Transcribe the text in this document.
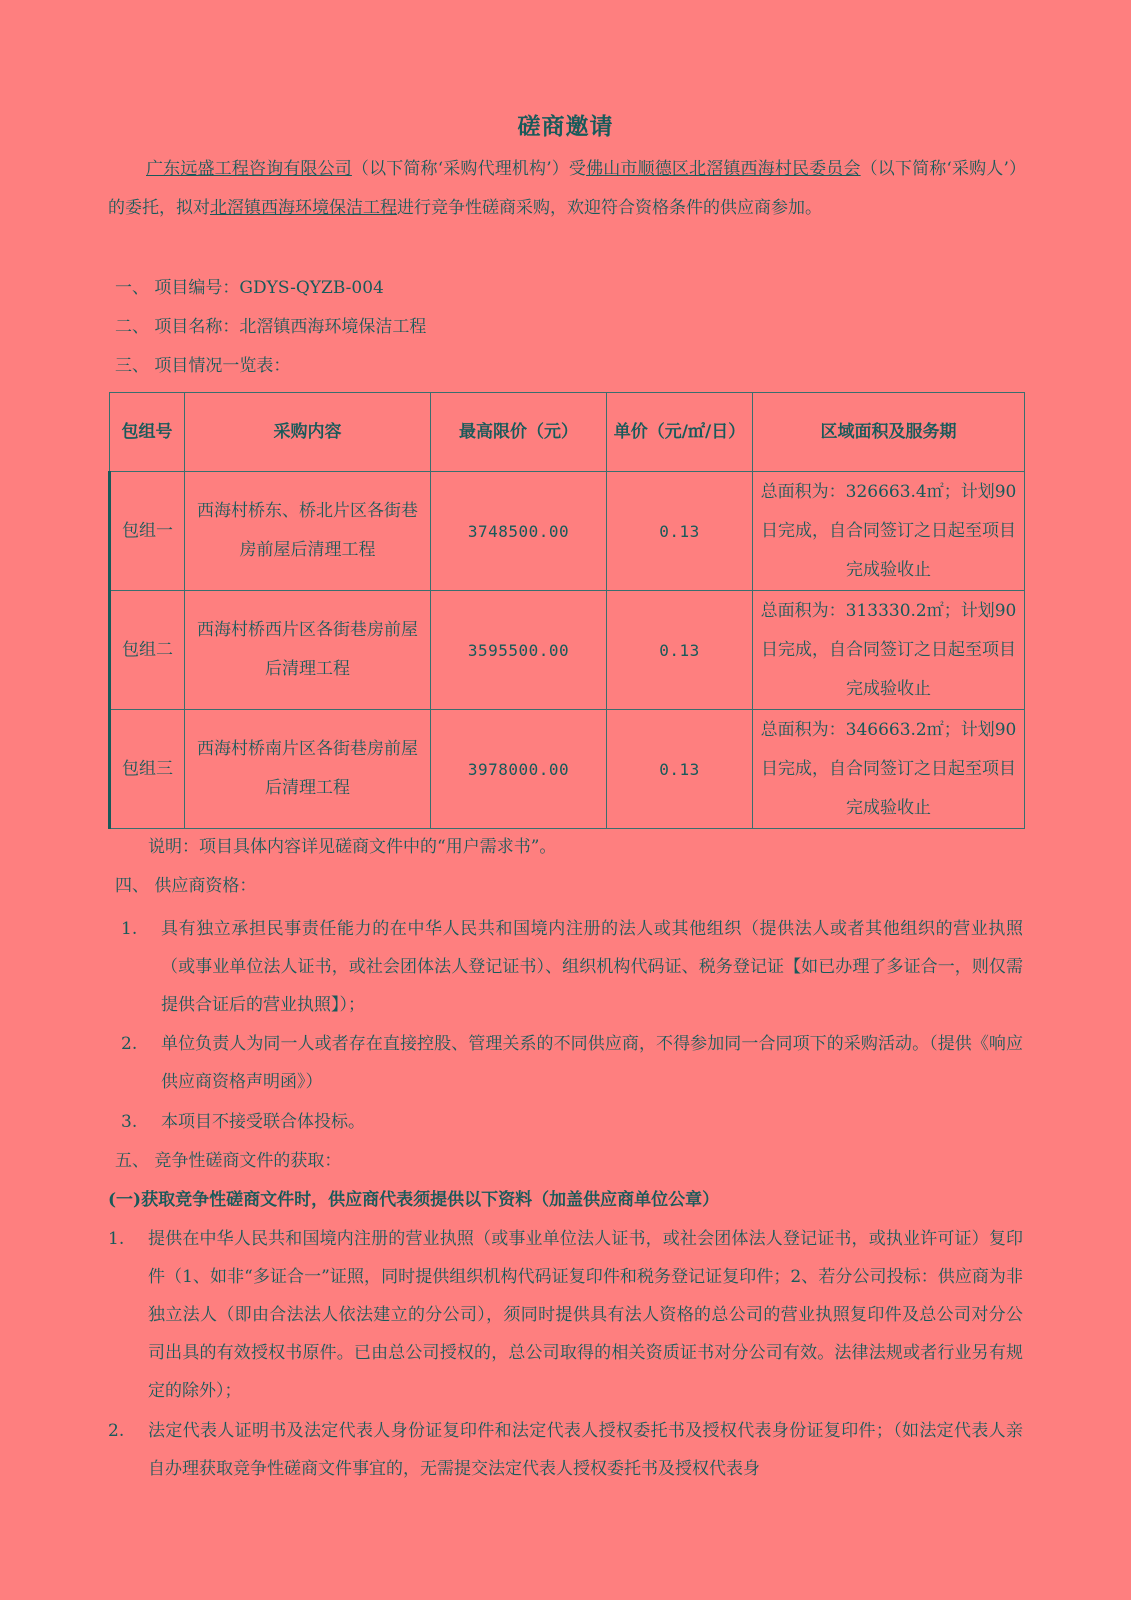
磋商邀请
广东远盛工程咨询有限公司（以下简称‘采购代理机构’）受佛山市顺德区北滘镇西海村民委员会（以下简称‘采购人’）的委托，拟对北滘镇西海环境保洁工程进行竞争性磋商采购，欢迎符合资格条件的供应商参加。
一、 项目编号：GDYS-QYZB-004
二、 项目名称：北滘镇西海环境保洁工程
三、 项目情况一览表：
包组号	采购内容	最高限价（元）	单价（元/㎡/日）	区域面积及服务期
包组一	西海村桥东、桥北片区各街巷房前屋后清理工程	3748500.00	0.13	总面积为：326663.4㎡；计划90日完成，自合同签订之日起至项目完成验收止
包组二	西海村桥西片区各街巷房前屋后清理工程	3595500.00	0.13	总面积为：313330.2㎡；计划90日完成，自合同签订之日起至项目完成验收止
包组三	西海村桥南片区各街巷房前屋后清理工程	3978000.00	0.13	总面积为：346663.2㎡；计划90日完成，自合同签订之日起至项目完成验收止
说明：项目具体内容详见磋商文件中的“用户需求书”。
四、 供应商资格：
1. 具有独立承担民事责任能力的在中华人民共和国境内注册的法人或其他组织（提供法人或者其他组织的营业执照（或事业单位法人证书，或社会团体法人登记证书）、组织机构代码证、税务登记证【如已办理了多证合一，则仅需提供合证后的营业执照】）；
2. 单位负责人为同一人或者存在直接控股、管理关系的不同供应商，不得参加同一合同项下的采购活动。（提供《响应供应商资格声明函》）
3. 本项目不接受联合体投标。
五、 竞争性磋商文件的获取：
(一)获取竞争性磋商文件时，供应商代表须提供以下资料（加盖供应商单位公章）
1. 提供在中华人民共和国境内注册的营业执照（或事业单位法人证书，或社会团体法人登记证书，或执业许可证）复印件（1、如非“多证合一”证照，同时提供组织机构代码证复印件和税务登记证复印件；2、若分公司投标：供应商为非独立法人（即由合法法人依法建立的分公司），须同时提供具有法人资格的总公司的营业执照复印件及总公司对分公司出具的有效授权书原件。已由总公司授权的，总公司取得的相关资质证书对分公司有效。法律法规或者行业另有规定的除外）；
2. 法定代表人证明书及法定代表人身份证复印件和法定代表人授权委托书及授权代表身份证复印件；（如法定代表人亲自办理获取竞争性磋商文件事宜的，无需提交法定代表人授权委托书及授权代表身
